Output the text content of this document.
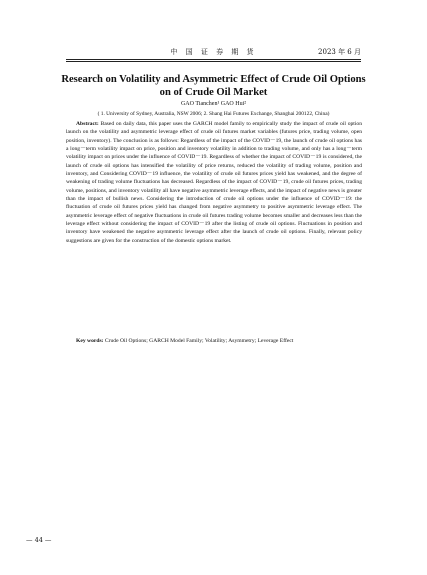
中 国 证 券 期 货	2023 年 6 月
Research on Volatility and Asymmetric Effect of Crude Oil Options on of Crude Oil Market
GAO Tianchen¹ GAO Hui²
( 1. University of Sydney, Australia, NSW 2006; 2. Shang Hai Futures Exchange, Shanghai 200122, China)
Abstract: Based on daily data, this paper uses the GARCH model family to empirically study the impact of crude oil option launch on the volatility and asymmetric leverage effect of crude oil futures market variables (futures price, trading volume, open position, inventory). The conclusion is as follows: Regardless of the impact of the COVID－19, the launch of crude oil options has a long－term volatility impact on price, position and inventory volatility in addition to trading volume, and only has a long－term volatility impact on prices under the influence of COVID－19. Regardless of whether the impact of COVID－19 is considered, the launch of crude oil options has intensified the volatility of price returns, reduced the volatility of trading volume, position and inventory, and Considering COVID－19 influence, the volatility of crude oil futures prices yield has weakened, and the degree of weakening of trading volume fluctuations has decreased. Regardless of the impact of COVID－19, crude oil futures prices, trading volume, positions, and inventory volatility all have negative asymmetric leverage effects, and the impact of negative news is greater than the impact of bullish news. Considering the introduction of crude oil options under the influence of COVID－19: the fluctuation of crude oil futures prices yield has changed from negative asymmetry to positive asymmetric leverage effect. The asymmetric leverage effect of negative fluctuations in crude oil futures trading volume becomes smaller and decreases less than the leverage effect without considering the impact of COVID－19 after the listing of crude oil options. Fluctuations in position and inventory have weakened the negative asymmetric leverage effect after the launch of crude oil options. Finally, relevant policy suggestions are given for the construction of the domestic options market.
Key words: Crude Oil Options; GARCH Model Family; Volatility; Asymmetry; Leverage Effect
— 44 —
